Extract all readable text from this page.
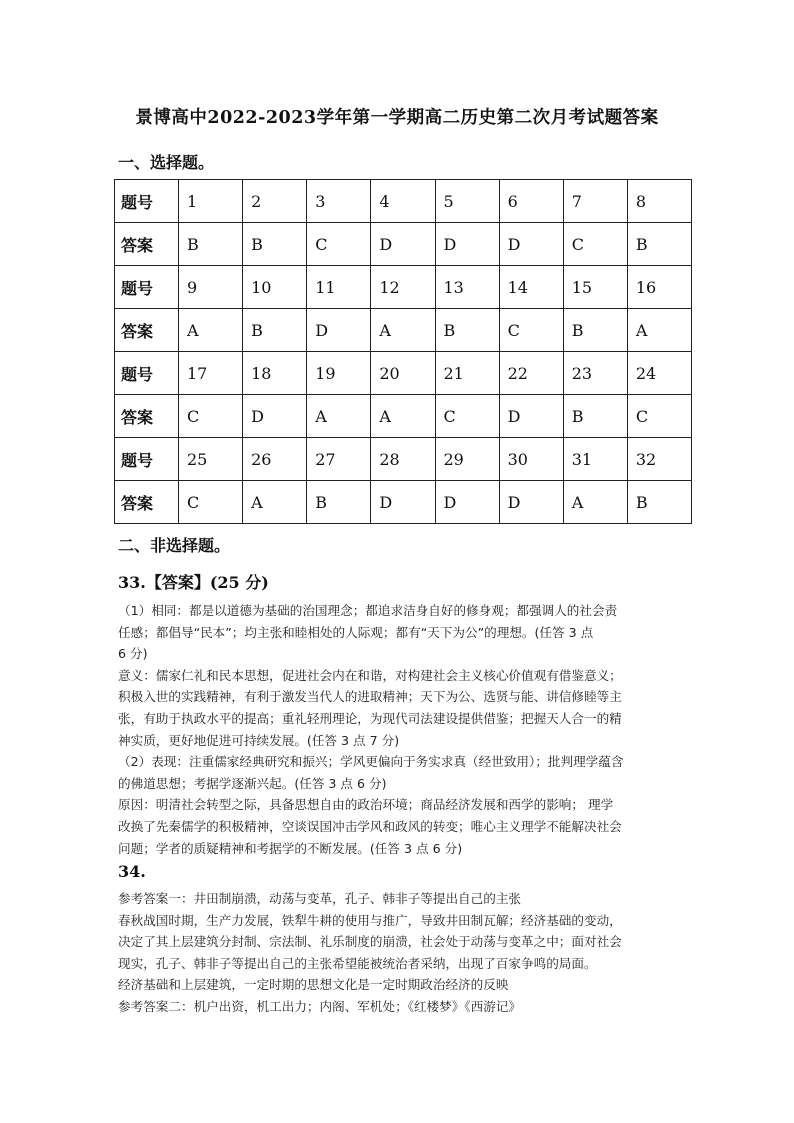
景博高中2022-2023学年第一学期高二历史第二次月考试题答案
一、选择题。
题号	1	2	3	4	5	6	7	8
答案	B	B	C	D	D	D	C	B
题号	9	10	11	12	13	14	15	16
答案	A	B	D	A	B	C	B	A
题号	17	18	19	20	21	22	23	24
答案	C	D	A	A	C	D	B	C
题号	25	26	27	28	29	30	31	32
答案	C	A	B	D	D	D	A	B
二、非选择题。
33.【答案】(25 分)

（1）相同：都是以道德为基础的治国理念；都追求洁身自好的修身观；都强调人的社会责

任感；都倡导“民本”；均主张和睦相处的人际观；都有“天下为公”的理想。(任答 3 点

6 分)

意义：儒家仁礼和民本思想，促进社会内在和谐，对构建社会主义核心价值观有借鉴意义；

积极入世的实践精神，有利于激发当代人的进取精神；天下为公、选贤与能、讲信修睦等主

张，有助于执政水平的提高；重礼轻刑理论，为现代司法建设提供借鉴；把握天人合一的精

神实质，更好地促进可持续发展。(任答 3 点 7 分)

（2）表现：注重儒家经典研究和振兴；学风更偏向于务实求真（经世致用）；批判理学蕴含

的佛道思想；考据学逐渐兴起。(任答 3 点 6 分)

原因：明清社会转型之际，具备思想自由的政治环境；商品经济发展和西学的影响； 理学

改换了先秦儒学的积极精神，空谈误国冲击学风和政风的转变；唯心主义理学不能解决社会

问题；学者的质疑精神和考据学的不断发展。(任答 3 点 6 分)

34.

参考答案一：井田制崩溃，动荡与变革，孔子、韩非子等提出自己的主张

春秋战国时期，生产力发展，铁犁牛耕的使用与推广，导致井田制瓦解；经济基础的变动，

决定了其上层建筑分封制、宗法制、礼乐制度的崩溃，社会处于动荡与变革之中；面对社会

现实，孔子、韩非子等提出自己的主张希望能被统治者采纳，出现了百家争鸣的局面。

经济基础和上层建筑，一定时期的思想文化是一定时期政治经济的反映

参考答案二：机户出资，机工出力；内阁、军机处；《红楼梦》《西游记》
